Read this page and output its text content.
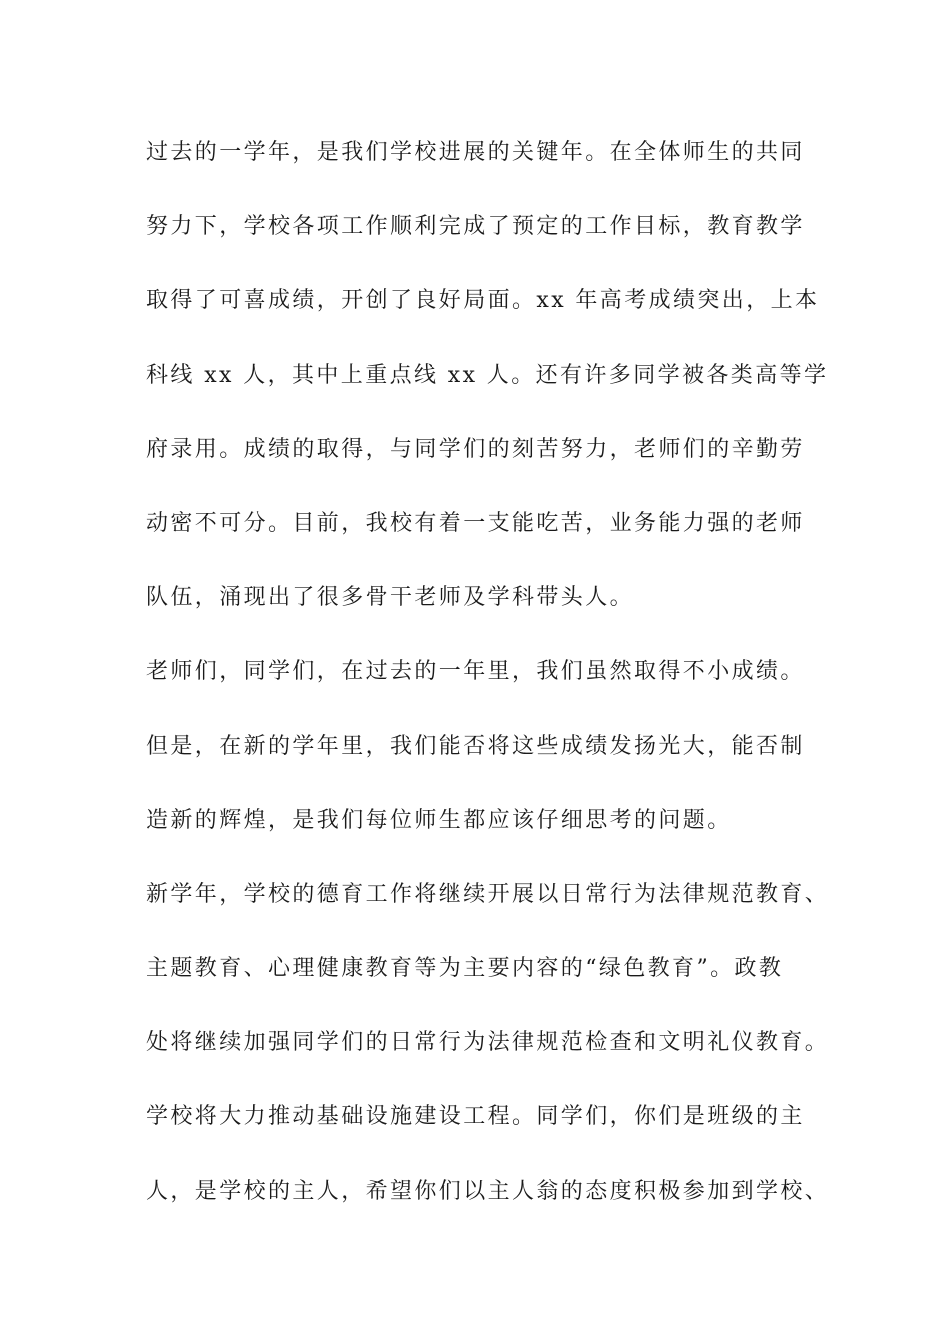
过去的一学年，是我们学校进展的关键年。在全体师生的共同
努力下，学校各项工作顺利完成了预定的工作目标，教育教学
取得了可喜成绩，开创了良好局面。xx 年高考成绩突出，上本
科线 xx 人，其中上重点线 xx 人。还有许多同学被各类高等学
府录用。成绩的取得，与同学们的刻苦努力，老师们的辛勤劳
动密不可分。目前，我校有着一支能吃苦，业务能力强的老师
队伍，涌现出了很多骨干老师及学科带头人。
老师们，同学们，在过去的一年里，我们虽然取得不小成绩。
但是，在新的学年里，我们能否将这些成绩发扬光大，能否制
造新的辉煌，是我们每位师生都应该仔细思考的问题。
新学年，学校的德育工作将继续开展以日常行为法律规范教育、
主题教育、心理健康教育等为主要内容的“绿色教育”。政教
处将继续加强同学们的日常行为法律规范检查和文明礼仪教育。
学校将大力推动基础设施建设工程。同学们，你们是班级的主
人，是学校的主人，希望你们以主人翁的态度积极参加到学校、
